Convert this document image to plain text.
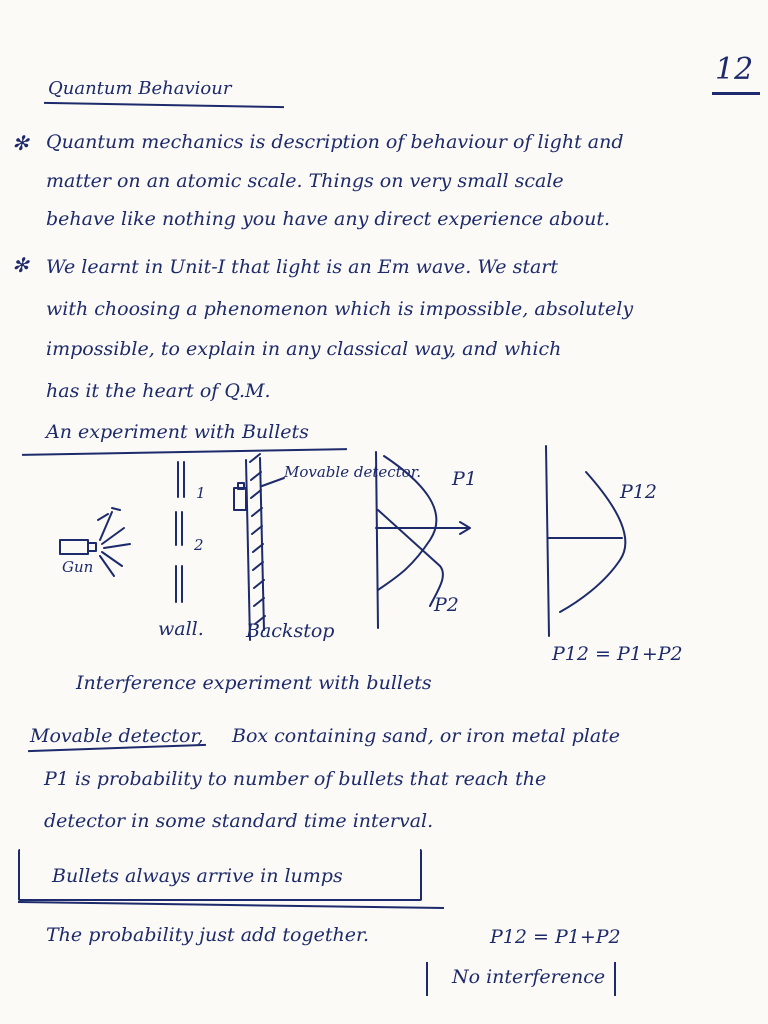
12
Quantum Behaviour
✻ Quantum mechanics is description of behaviour of light and
matter on an atomic scale. Things on very small scale
behave like nothing you have any direct experience about.
✻ We learnt in Unit-I that light is an Em wave. We start
with choosing a phenomenon which is impossible, absolutely
impossible, to explain in any classical way, and which
has it the heart of Q.M.
An experiment with Bullets
Movable detector.
Gun
1
2
wall. Backstop
P1
P2
P12
P12 = P1+P2
Interference experiment with bullets
Movable detector, Box containing sand, or iron metal plate
P1 is probability to number of bullets that reach the
detector in some standard time interval.
Bullets always arrive in lumps
The probability just add together.	P12 = P1+P2
No interference
